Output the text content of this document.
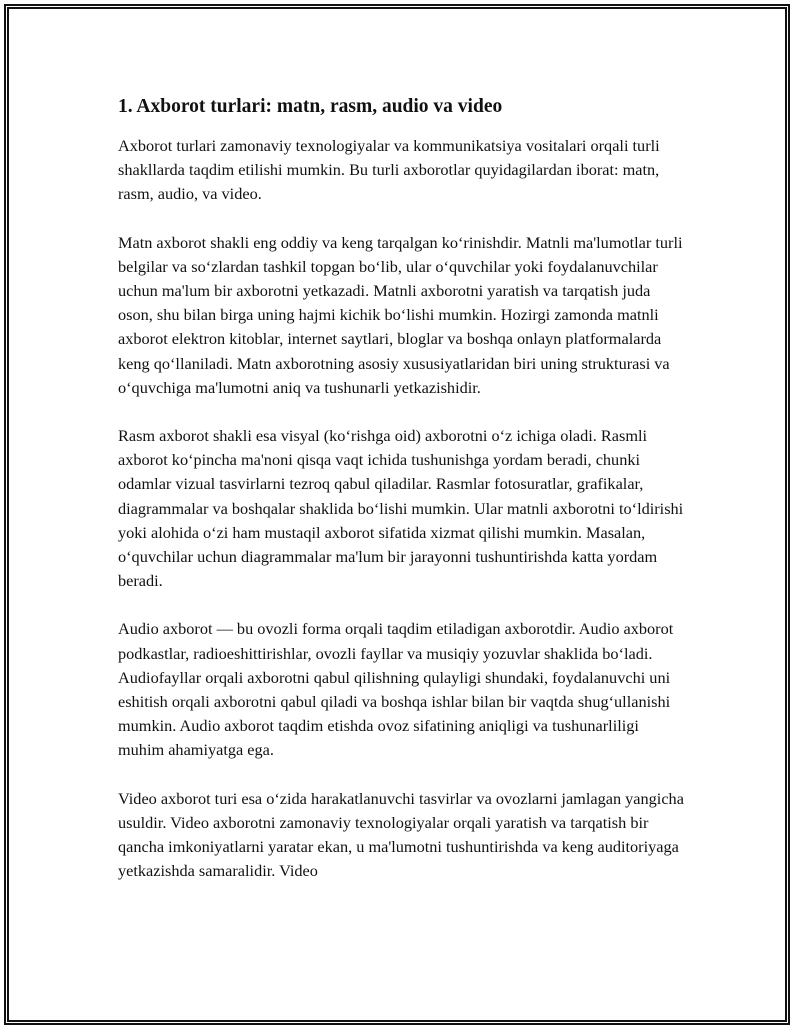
1. Axborot turlari: matn, rasm, audio va video

Axborot turlari zamonaviy texnologiyalar va kommunikatsiya vositalari orqali turli shakllarda taqdim etilishi mumkin. Bu turli axborotlar quyidagilardan iborat: matn, rasm, audio, va video.

Matn axborot shakli eng oddiy va keng tarqalgan ko‘rinishdir. Matnli ma'lumotlar turli belgilar va so‘zlardan tashkil topgan bo‘lib, ular o‘quvchilar yoki foydalanuvchilar uchun ma'lum bir axborotni yetkazadi. Matnli axborotni yaratish va tarqatish juda oson, shu bilan birga uning hajmi kichik bo‘lishi mumkin. Hozirgi zamonda matnli axborot elektron kitoblar, internet saytlari, bloglar va boshqa onlayn platformalarda keng qo‘llaniladi. Matn axborotning asosiy xususiyatlaridan biri uning strukturasi va o‘quvchiga ma'lumotni aniq va tushunarli yetkazishidir.

Rasm axborot shakli esa visyal (ko‘rishga oid) axborotni o‘z ichiga oladi. Rasmli axborot ko‘pincha ma'noni qisqa vaqt ichida tushunishga yordam beradi, chunki odamlar vizual tasvirlarni tezroq qabul qiladilar. Rasmlar fotosuratlar, grafikalar, diagrammalar va boshqalar shaklida bo‘lishi mumkin. Ular matnli axborotni to‘ldirishi yoki alohida o‘zi ham mustaqil axborot sifatida xizmat qilishi mumkin. Masalan, o‘quvchilar uchun diagrammalar ma'lum bir jarayonni tushuntirishda katta yordam beradi.

Audio axborot — bu ovozli forma orqali taqdim etiladigan axborotdir. Audio axborot podkastlar, radioeshittirishlar, ovozli fayllar va musiqiy yozuvlar shaklida bo‘ladi. Audiofayllar orqali axborotni qabul qilishning qulayligi shundaki, foydalanuvchi uni eshitish orqali axborotni qabul qiladi va boshqa ishlar bilan bir vaqtda shug‘ullanishi mumkin. Audio axborot taqdim etishda ovoz sifatining aniqligi va tushunarliligi muhim ahamiyatga ega.

Video axborot turi esa o‘zida harakatlanuvchi tasvirlar va ovozlarni jamlagan yangicha usuldir. Video axborotni zamonaviy texnologiyalar orqali yaratish va tarqatish bir qancha imkoniyatlarni yaratar ekan, u ma'lumotni tushuntirishda va keng auditoriyaga yetkazishda samaralidir. Video
